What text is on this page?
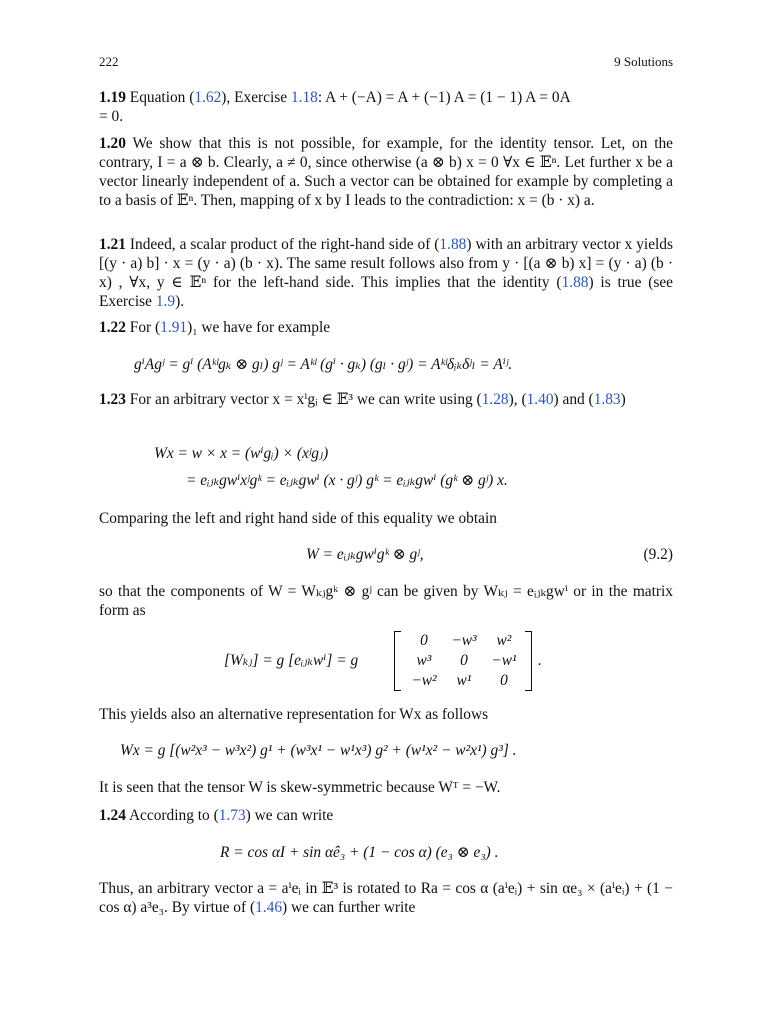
222	9 Solutions
1.19 Equation (1.62), Exercise 1.18: A + (−A) = A + (−1) A = (1 − 1) A = 0A
= 0.
1.20 We show that this is not possible, for example, for the identity tensor. Let, on the contrary, I = a ⊗ b. Clearly, a ≠ 0, since otherwise (a ⊗ b) x = 0 ∀x ∈ 𝔼ⁿ. Let further x be a vector linearly independent of a. Such a vector can be obtained for example by completing a to a basis of 𝔼ⁿ. Then, mapping of x by I leads to the contradiction: x = (b · x) a.
1.21 Indeed, a scalar product of the right-hand side of (1.88) with an arbitrary vector x yields [(y · a) b] · x = (y · a) (b · x). The same result follows also from y · [(a ⊗ b) x] = (y · a) (b · x) , ∀x, y ∈ 𝔼ⁿ for the left-hand side. This implies that the identity (1.88) is true (see Exercise 1.9).
1.22 For (1.91)₁ we have for example
gⁱAgʲ = gⁱ (Aᵏˡgₖ ⊗ gₗ) gʲ = Aᵏˡ (gⁱ · gₖ) (gₗ · gʲ) = Aᵏˡδᵢₖδʲₗ = Aⁱʲ.
1.23 For an arbitrary vector x = xⁱgᵢ ∈ 𝔼³ we can write using (1.28), (1.40) and (1.83)
Wx = w × x = (wⁱgᵢ) × (xʲgⱼ)
= eᵢⱼₖgwⁱxʲgᵏ = eᵢⱼₖgwⁱ (x · gʲ) gᵏ = eᵢⱼₖgwⁱ (gᵏ ⊗ gʲ) x.
Comparing the left and right hand side of this equality we obtain
W = eᵢⱼₖgwⁱgᵏ ⊗ gʲ,	(9.2)
so that the components of W = Wₖⱼgᵏ ⊗ gʲ can be given by Wₖⱼ = eᵢⱼₖgwⁱ or in the matrix form as
[Wₖⱼ] = g [eᵢⱼₖwⁱ] = g
0	−w³	w²
w³	0	−w¹
−w²	w¹	0
.
This yields also an alternative representation for Wx as follows
Wx = g [(w²x³ − w³x²) g¹ + (w³x¹ − w¹x³) g² + (w¹x² − w²x¹) g³] .
It is seen that the tensor W is skew-symmetric because Wᵀ = −W.
1.24 According to (1.73) we can write
R = cos αI + sin αê₃ + (1 − cos α) (e₃ ⊗ e₃) .
Thus, an arbitrary vector a = aⁱeᵢ in 𝔼³ is rotated to Ra = cos α (aⁱeᵢ) + sin αe₃ × (aⁱeᵢ) + (1 − cos α) a³e₃. By virtue of (1.46) we can further write
